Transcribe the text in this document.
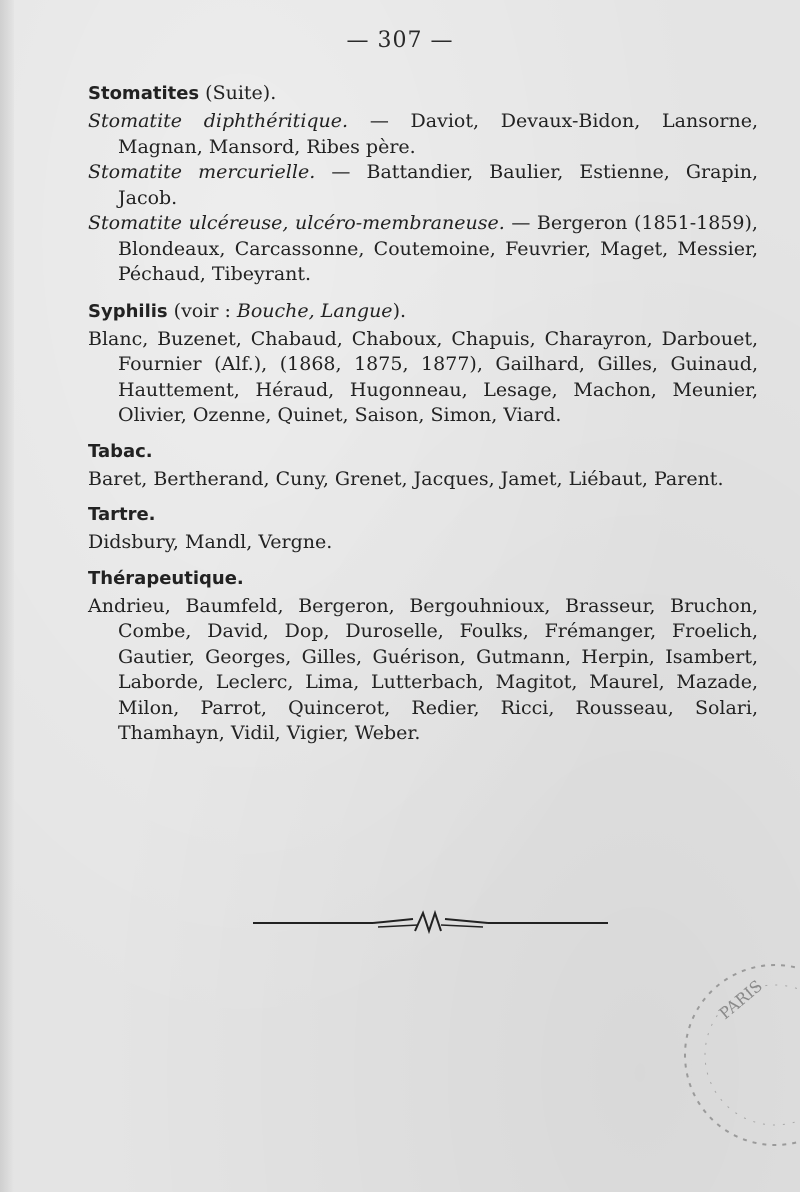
— 307 —

Stomatites (Suite).

Stomatite diphthéritique. — Daviot, Devaux-Bidon, Lansorne, Magnan, Mansord, Ribes père.

Stomatite mercurielle. — Battandier, Baulier, Estienne, Grapin, Jacob.

Stomatite ulcéreuse, ulcéro-membraneuse. — Bergeron (1851-1859), Blondeaux, Carcassonne, Coutemoine, Feuvrier, Maget, Messier, Péchaud, Tibeyrant.

Syphilis (voir : Bouche, Langue).

Blanc, Buzenet, Chabaud, Chaboux, Chapuis, Charayron, Darbouet, Fournier (Alf.), (1868, 1875, 1877), Gailhard, Gilles, Guinaud, Hauttement, Héraud, Hugonneau, Lesage, Machon, Meunier, Olivier, Ozenne, Quinet, Saison, Simon, Viard.

Tabac.

Baret, Bertherand, Cuny, Grenet, Jacques, Jamet, Liébaut, Parent.

Tartre.

Didsbury, Mandl, Vergne.

Thérapeutique.

Andrieu, Baumfeld, Bergeron, Bergouhnioux, Brasseur, Bruchon, Combe, David, Dop, Duroselle, Foulks, Frémanger, Froelich, Gautier, Georges, Gilles, Guérison, Gutmann, Herpin, Isambert, Laborde, Leclerc, Lima, Lutterbach, Magitot, Maurel, Mazade, Milon, Parrot, Quincerot, Redier, Ricci, Rousseau, Solari, Thamhayn, Vidil, Vigier, Weber.

PARIS
